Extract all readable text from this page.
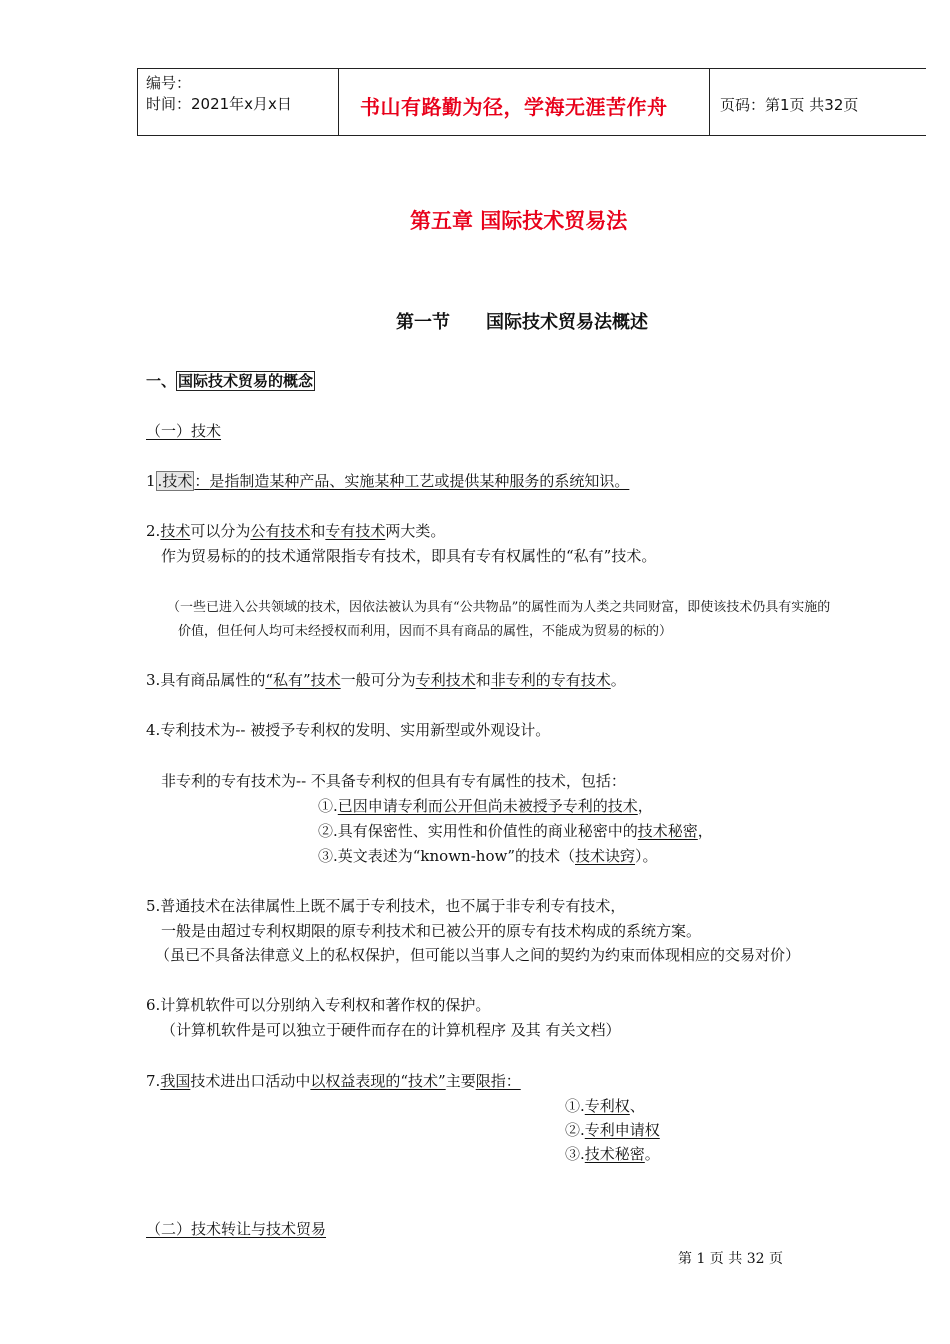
编号：
时间：2021年x月x日	书山有路勤为径，学海无涯苦作舟	页码：第1页 共32页
第五章 国际技术贸易法
第一节 国际技术贸易法概述
一、 国际技术贸易的概念
（一）技术
1 .技术 ：是指制造某种产品、实施某种工艺或提供某种服务的系统知识。
2.技术可以分为公有技术和专有技术两大类。
作为贸易标的的技术通常限指专有技术，即具有专有权属性的“私有”技术。
（一些已进入公共领域的技术，因依法被认为具有“公共物品”的属性而为人类之共同财富，即使该技术仍具有实施的
价值，但任何人均可未经授权而利用，因而不具有商品的属性，不能成为贸易的标的）
3.具有商品属性的“私有”技术一般可分为专利技术和非专利的专有技术。
4.专利技术为-- 被授予专利权的发明、实用新型或外观设计。
非专利的专有技术为-- 不具备专利权的但具有专有属性的技术，包括：
①.已因申请专利而公开但尚未被授予专利的技术，
②.具有保密性、实用性和价值性的商业秘密中的技术秘密，
③.英文表述为“known-how”的技术（技术诀窍）。
5.普通技术在法律属性上既不属于专利技术，也不属于非专利专有技术，
一般是由超过专利权期限的原专利技术和已被公开的原专有技术构成的系统方案。
（虽已不具备法律意义上的私权保护，但可能以当事人之间的契约为约束而体现相应的交易对价）
6.计算机软件可以分别纳入专利权和著作权的保护。
（计算机软件是可以独立于硬件而存在的计算机程序 及其 有关文档）
7.我国技术进出口活动中以权益表现的“技术”主要限指：
①.专利权、
②.专利申请权
③.技术秘密。
（二）技术转让与技术贸易
第 1 页 共 32 页
